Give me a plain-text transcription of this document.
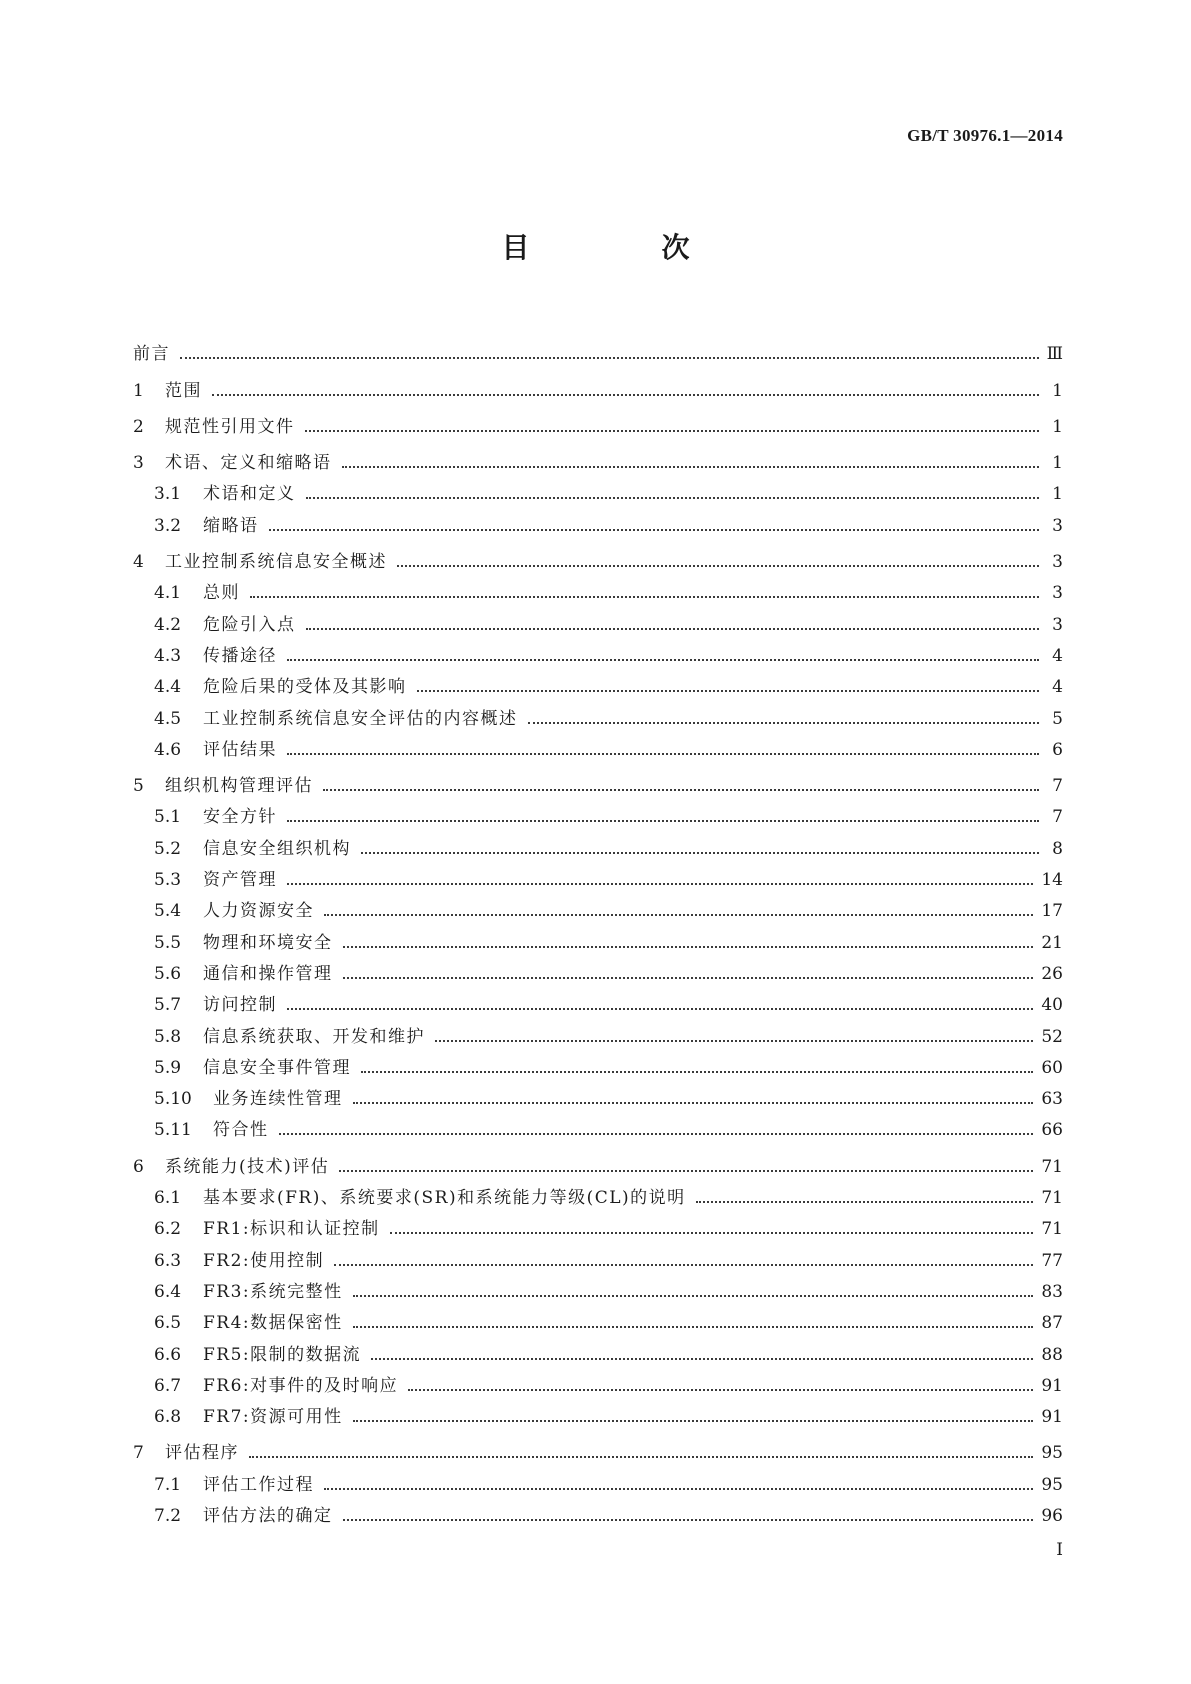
GB/T 30976.1—2014
目　次
前言	Ⅲ
1	范围	1
2	规范性引用文件	1
3	术语、定义和缩略语	1
3.1	术语和定义	1
3.2	缩略语	3
4	工业控制系统信息安全概述	3
4.1	总则	3
4.2	危险引入点	3
4.3	传播途径	4
4.4	危险后果的受体及其影响	4
4.5	工业控制系统信息安全评估的内容概述	5
4.6	评估结果	6
5	组织机构管理评估	7
5.1	安全方针	7
5.2	信息安全组织机构	8
5.3	资产管理	14
5.4	人力资源安全	17
5.5	物理和环境安全	21
5.6	通信和操作管理	26
5.7	访问控制	40
5.8	信息系统获取、开发和维护	52
5.9	信息安全事件管理	60
5.10	业务连续性管理	63
5.11	符合性	66
6	系统能力(技术)评估	71
6.1	基本要求(FR)、系统要求(SR)和系统能力等级(CL)的说明	71
6.2	FR1:标识和认证控制	71
6.3	FR2:使用控制	77
6.4	FR3:系统完整性	83
6.5	FR4:数据保密性	87
6.6	FR5:限制的数据流	88
6.7	FR6:对事件的及时响应	91
6.8	FR7:资源可用性	91
7	评估程序	95
7.1	评估工作过程	95
7.2	评估方法的确定	96
I
